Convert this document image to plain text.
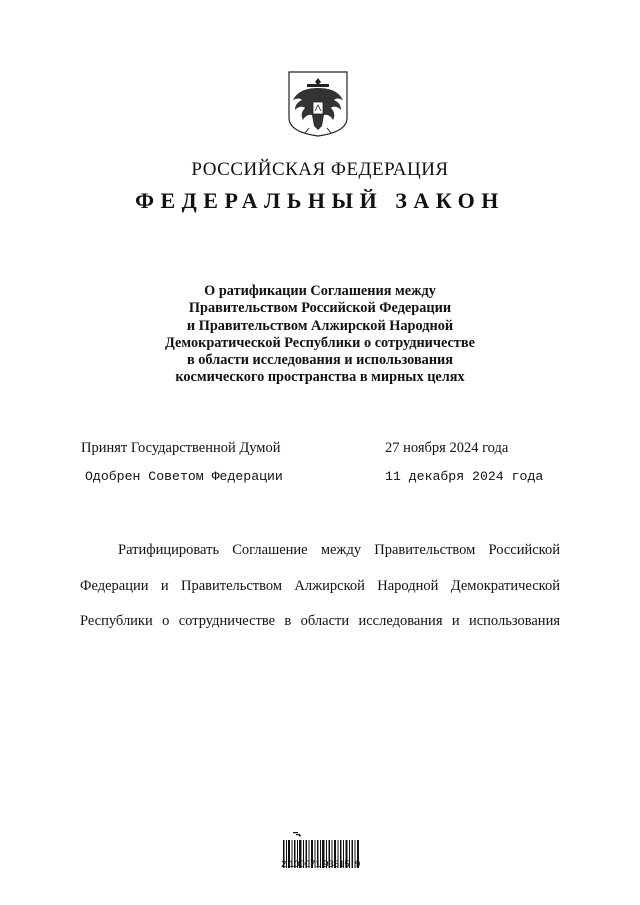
РОССИЙСКАЯ ФЕДЕРАЦИЯ
ФЕДЕРАЛЬНЫЙ ЗАКОН
О ратификации Соглашения между
Правительством Российской Федерации
и Правительством Алжирской Народной
Демократической Республики о сотрудничестве
в области исследования и использования
космического пространства в мирных целях
Принят Государственной Думой	27 ноября 2024 года
Одобрен Советом Федерации	11 декабря 2024 года
Ратифицировать Соглашение между Правительством Российской
Федерации и Правительством Алжирской Народной Демократической
Республики о сотрудничестве в области исследования и использования
2 100071 93615  9
